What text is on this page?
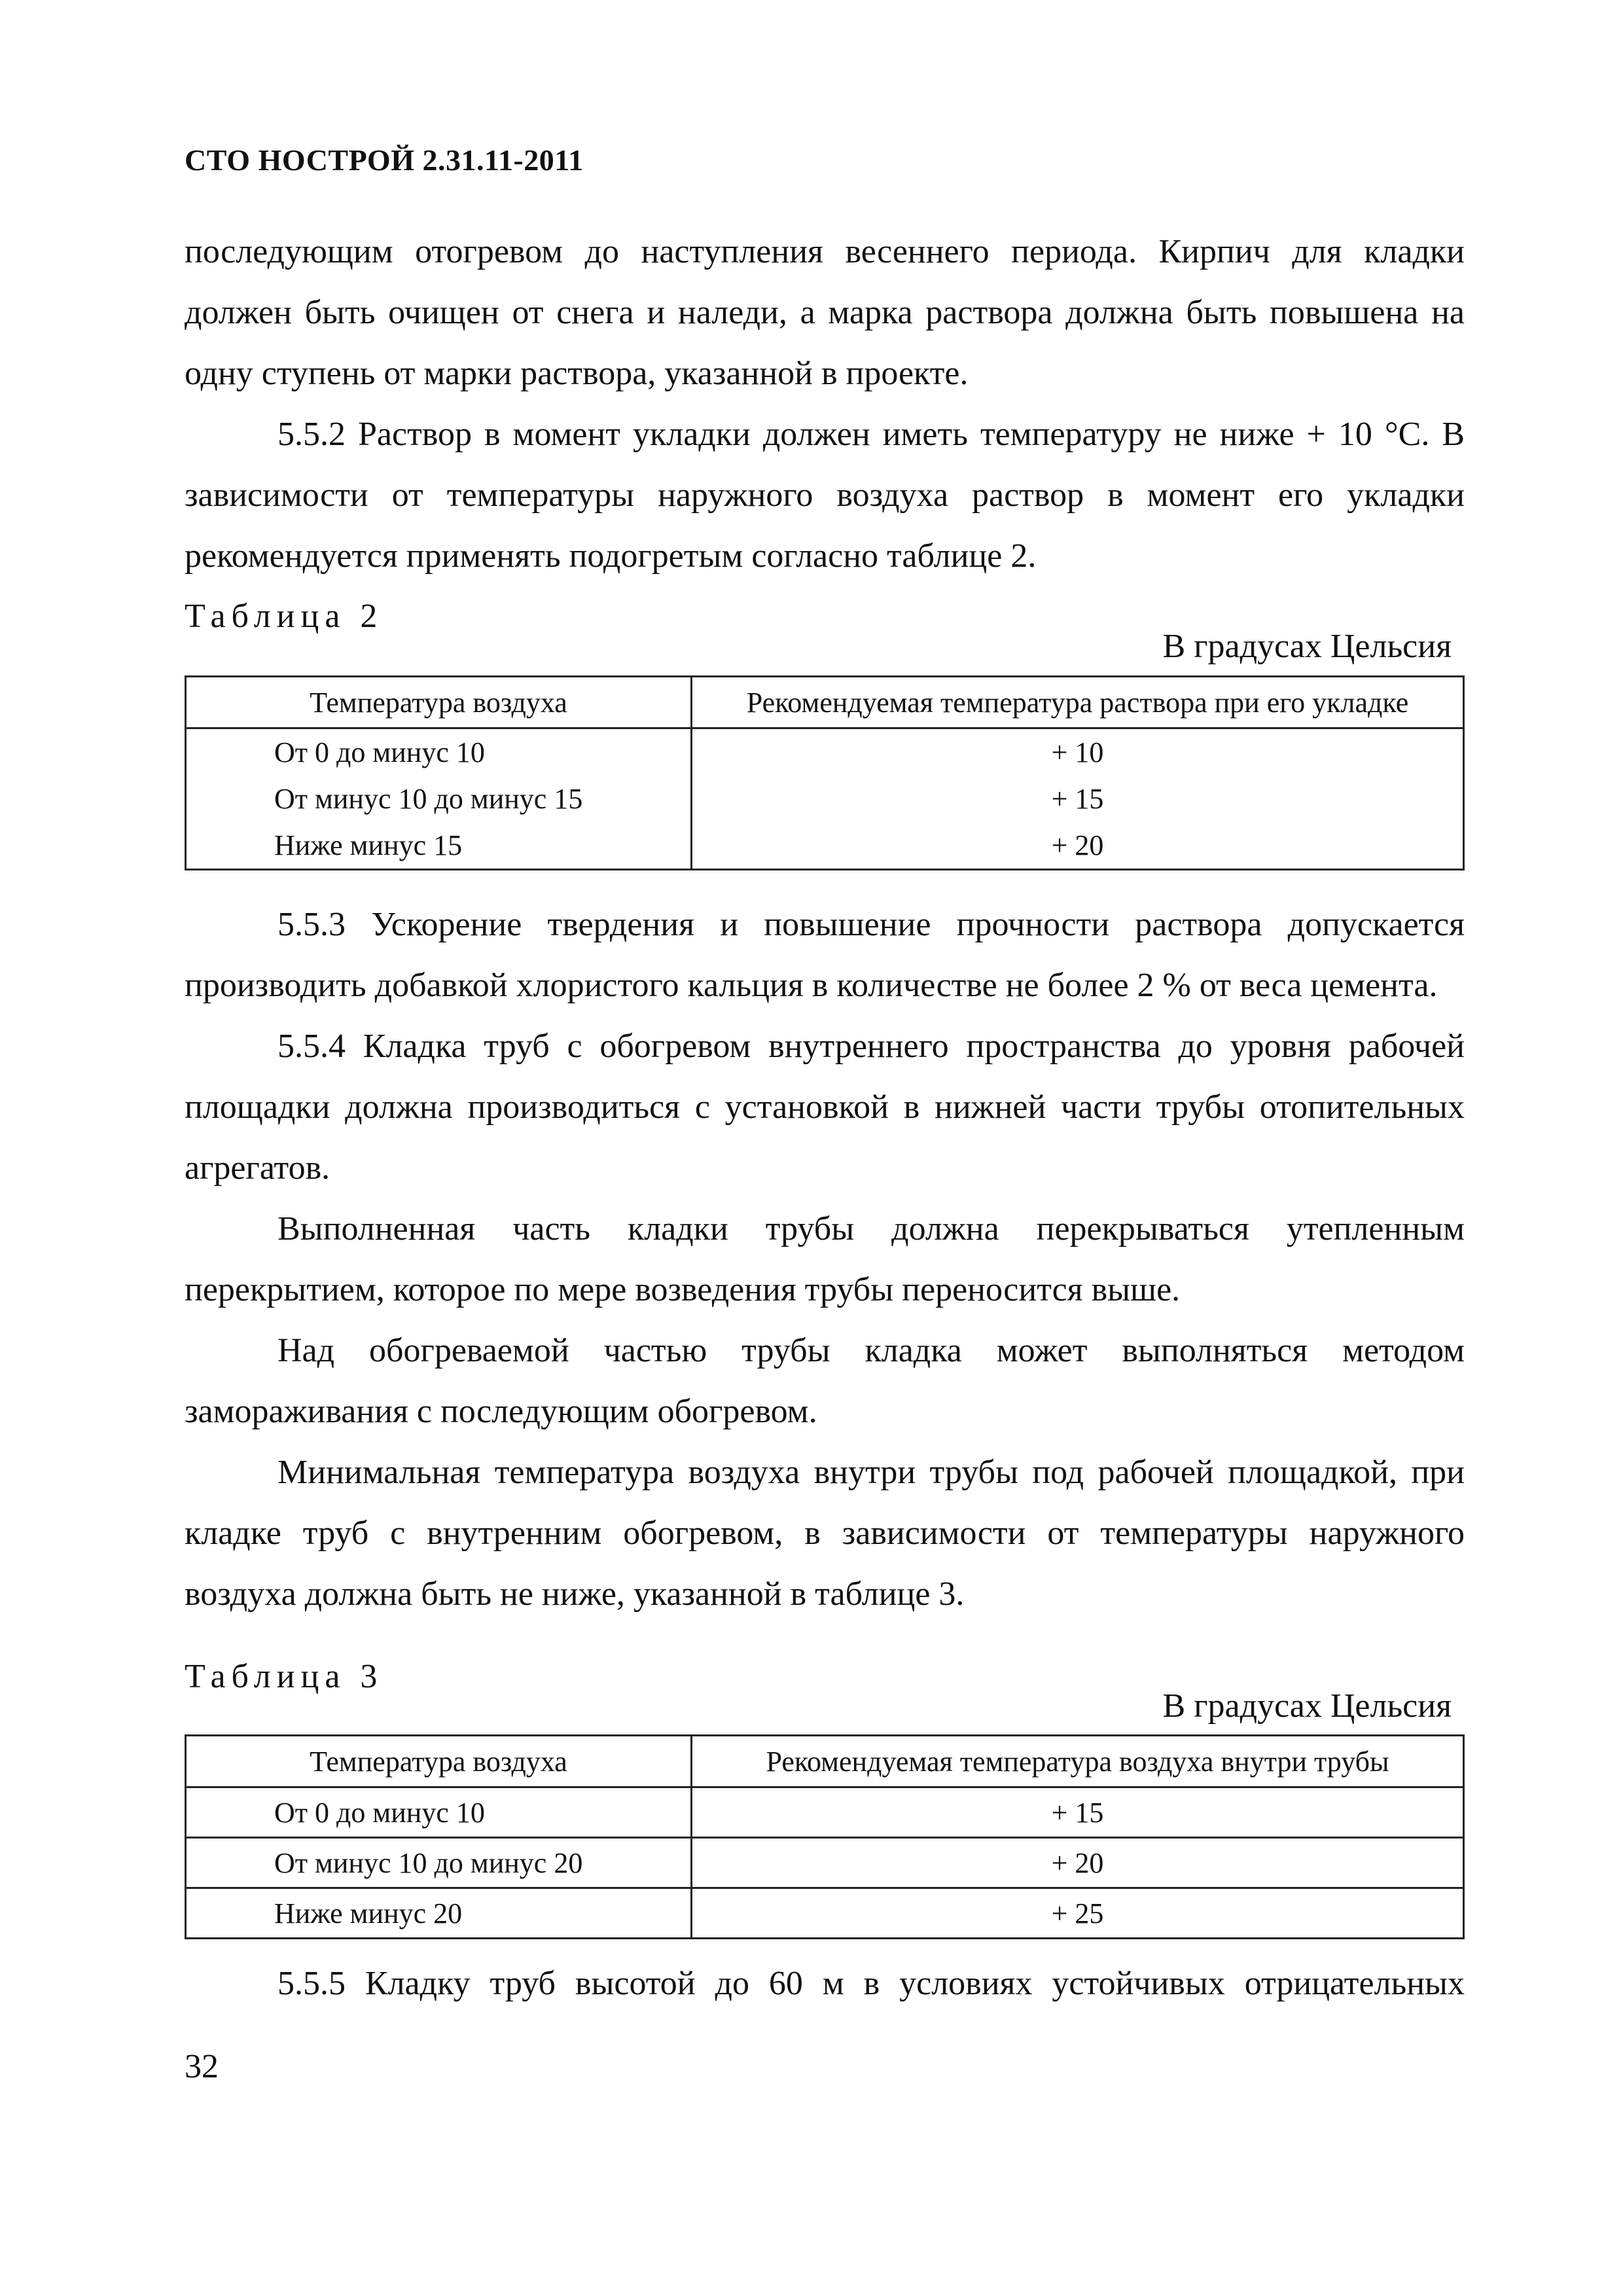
СТО НОСТРОЙ 2.31.11-2011

последующим отогревом до наступления весеннего периода. Кирпич для кладки должен быть очищен от снега и наледи, а марка раствора должна быть повышена на одну ступень от марки раствора, указанной в проекте.

5.5.2 Раствор в момент укладки должен иметь температуру не ниже + 10 °С. В зависимости от температуры наружного воздуха раствор в момент его укладки рекомендуется применять подогретым согласно таблице 2.

Таблица 2
В градусах Цельсия
Температура воздуха	Рекомендуемая температура раствора при его укладке
От 0 до минус 10	+ 10
От минус 10 до минус 15	+ 15
Ниже минус 15	+ 20

5.5.3 Ускорение твердения и повышение прочности раствора допускается производить добавкой хлористого кальция в количестве не более 2 % от веса цемента.

5.5.4 Кладка труб с обогревом внутреннего пространства до уровня рабочей площадки должна производиться с установкой в нижней части трубы отопительных агрегатов.

Выполненная часть кладки трубы должна перекрываться утепленным перекрытием, которое по мере возведения трубы переносится выше.

Над обогреваемой частью трубы кладка может выполняться методом замораживания с последующим обогревом.

Минимальная температура воздуха внутри трубы под рабочей площадкой, при кладке труб с внутренним обогревом, в зависимости от температуры наружного воздуха должна быть не ниже, указанной в таблице 3.

Таблица 3
В градусах Цельсия
Температура воздуха	Рекомендуемая температура воздуха внутри трубы
От 0 до минус 10	+ 15
От минус 10 до минус 20	+ 20
Ниже минус 20	+ 25

5.5.5 Кладку труб высотой до 60 м в условиях устойчивых отрицательных

32
